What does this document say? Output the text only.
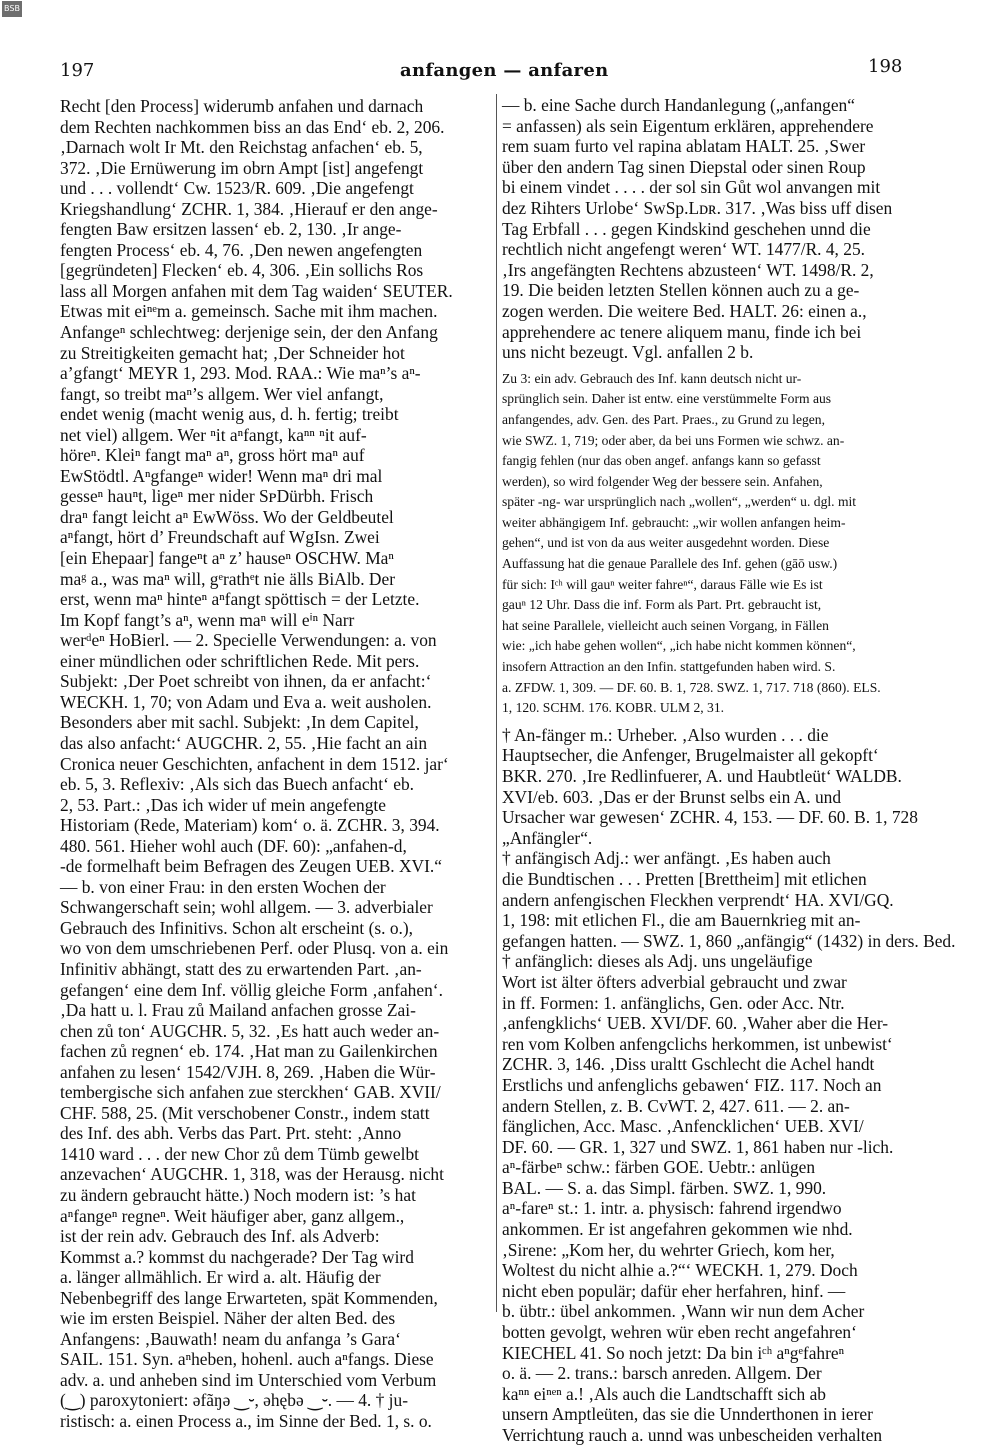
BSB
197	anfangen — anfaren	198
Recht [den Process] widerumb anfahen und darnach
dem Rechten nachkommen biss an das End‘ eb. 2, 206.
‚Darnach wolt Ir Mt. den Reichstag anfachen‘ eb. 5,
372. ‚Die Ernüwerung im obrn Ampt [ist] angefengt
und . . . vollendt‘ Cw. 1523/R. 609. ‚Die angefengt
Kriegshandlung‘ ZCHR. 1, 384. ‚Hierauf er den ange-
fengten Baw ersitzen lassen‘ eb. 2, 130. ‚Ir ange-
fengten Process‘ eb. 4, 76. ‚Den newen angefengten
[gegründeten] Flecken‘ eb. 4, 306. ‚Ein sollichs Ros
lass all Morgen anfahen mit dem Tag waiden‘ SEUTER.
Etwas mit eiⁿᵉm a. gemeinsch. Sache mit ihm machen.
Anfangeⁿ schlechtweg: derjenige sein, der den Anfang
zu Streitigkeiten gemacht hat; ‚Der Schneider hot
a’gfangt‘ MEYR 1, 293. Mod. RAA.: Wie maⁿ’s aⁿ-
fangt, so treibt maⁿ’s allgem. Wer viel anfangt,
endet wenig (macht wenig aus, d. h. fertig; treibt
net viel) allgem. Wer ⁿit aⁿfangt, kaⁿⁿ ⁿit auf-
höreⁿ. Kleiⁿ fangt maⁿ aⁿ, gross hört maⁿ auf
EwStödtl. Aⁿgfangeⁿ wider! Wenn maⁿ dri mal
gesseⁿ hauⁿt, ligeⁿ mer nider SᴘDürbh. Frisch
draⁿ fangt leicht aⁿ EwWöss. Wo der Geldbeutel
aⁿfangt, hört d’ Freundschaft auf WgIsn. Zwei
[ein Ehepaar] fangeⁿt aⁿ z’ hauseⁿ OSCHW. Maⁿ
maᵍ a., was maⁿ will, gᵉrathᵉt nie älls BiAlb. Der
erst, wenn maⁿ hinteⁿ aⁿfangt spöttisch = der Letzte.
Im Kopf fangt’s aⁿ, wenn maⁿ will eⁱⁿ Narr
werᵈeⁿ HoBierl. — 2. Specielle Verwendungen: a. von
einer mündlichen oder schriftlichen Rede. Mit pers.
Subjekt: ‚Der Poet schreibt von ihnen, da er anfacht:‘
WECKH. 1, 70; von Adam und Eva a. weit ausholen.
Besonders aber mit sachl. Subjekt: ‚In dem Capitel,
das also anfacht:‘ AUGCHR. 2, 55. ‚Hie facht an ain
Cronica neuer Geschichten, anfachent in dem 1512. jar‘
eb. 5, 3. Reflexiv: ‚Als sich das Buech anfacht‘ eb.
2, 53. Part.: ‚Das ich wider uf mein angefengte
Historiam (Rede, Materiam) kom‘ o. ä. ZCHR. 3, 394.
480. 561. Hieher wohl auch (DF. 60): „anfahen-d,
-de formelhaft beim Befragen des Zeugen UEB. XVI.“
— b. von einer Frau: in den ersten Wochen der
Schwangerschaft sein; wohl allgem. — 3. adverbialer
Gebrauch des Infinitivs. Schon alt erscheint (s. o.),
wo von dem umschriebenen Perf. oder Plusq. von a. ein
Infinitiv abhängt, statt des zu erwartenden Part. ‚an-
gefangen‘ eine dem Inf. völlig gleiche Form ‚anfahen‘.
‚Da hatt u. l. Frau zů Mailand anfachen grosse Zai-
chen zů ton‘ AUGCHR. 5, 32. ‚Es hatt auch weder an-
fachen zů regnen‘ eb. 174. ‚Hat man zu Gailenkirchen
anfahen zu lesen‘ 1542/VJH. 8, 269. ‚Haben die Wür-
tembergische sich anfahen zue sterckhen‘ GAB. XVII/
CHF. 588, 25. (Mit verschobener Constr., indem statt
des Inf. des abh. Verbs das Part. Prt. steht: ‚Anno
1410 ward . . . der new Chor zů dem Tümb gewelbt
anzevachen‘ AUGCHR. 1, 318, was der Herausg. nicht
zu ändern gebraucht hätte.) Noch modern ist: ’s hat
aⁿfangeⁿ regneⁿ. Weit häufiger aber, ganz allgem.,
ist der rein adv. Gebrauch des Inf. als Adverb:
Kommst a.? kommst du nachgerade? Der Tag wird
a. länger allmählich. Er wird a. alt. Häufig der
Nebenbegriff des lange Erwarteten, spät Kommenden,
wie im ersten Beispiel. Näher der alten Bed. des
Anfangens: ‚Bauwath! neam du anfanga ’s Gara‘
SAIL. 151. Syn. aⁿheben, hohenl. auch aⁿfangs. Diese
adv. a. und anheben sind im Unterschied vom Verbum
(‿) paroxytoniert: əfãŋə ‿⏑, əhębə ‿⏑. — 4. † ju-
ristisch: a. einen Process a., im Sinne der Bed. 1, s. o.
— b. eine Sache durch Handanlegung („anfangen“
= anfassen) als sein Eigentum erklären, apprehendere
rem suam furto vel rapina ablatam HALT. 25. ‚Swer
über den andern Tag sinen Diepstal oder sinen Roup
bi einem vindet . . . . der sol sin Gůt wol anvangen mit
dez Rihters Urlobe‘ SwSp.Lᴅʀ. 317. ‚Was biss uff disen
Tag Erbfall . . . gegen Kindskind geschehen unnd die
rechtlich nicht angefengt weren‘ WT. 1477/R. 4, 25.
‚Irs angefängten Rechtens abzusteen‘ WT. 1498/R. 2,
19. Die beiden letzten Stellen können auch zu a ge-
zogen werden. Die weitere Bed. HALT. 26: einen a.,
apprehendere ac tenere aliquem manu, finde ich bei
uns nicht bezeugt. Vgl. anfallen 2 b.
Zu 3: ein adv. Gebrauch des Inf. kann deutsch nicht ur-
sprünglich sein. Daher ist entw. eine verstümmelte Form aus
anfangendes, adv. Gen. des Part. Praes., zu Grund zu legen,
wie SWZ. 1, 719; oder aber, da bei uns Formen wie schwz. an-
fangig fehlen (nur das oben angef. anfangs kann so gefasst
werden), so wird folgender Weg der bessere sein. Anfahen,
später -ng- war ursprünglich nach „wollen“, „werden“ u. dgl. mit
weiter abhängigem Inf. gebraucht: „wir wollen anfangen heim-
gehen“, und ist von da aus weiter ausgedehnt worden. Diese
Auffassung hat die genaue Parallele des Inf. gehen (gāō usw.)
für sich: Iᶜʰ will gauⁿ weiter fahreⁿ“, daraus Fälle wie Es ist
gauⁿ 12 Uhr. Dass die inf. Form als Part. Prt. gebraucht ist,
hat seine Parallele, vielleicht auch seinen Vorgang, in Fällen
wie: „ich habe gehen wollen“, „ich habe nicht kommen können“,
insofern Attraction an den Infin. stattgefunden haben wird. S.
a. ZFDW. 1, 309. — DF. 60. B. 1, 728. SWZ. 1, 717. 718 (860). ELS.
1, 120. SCHM. 176. KOBR. ULM 2, 31.
† An-fänger m.: Urheber. ‚Also wurden . . . die
Hauptsecher, die Anfenger, Brugelmaister all gekopft‘
BKR. 270. ‚Ire Redlinfuerer, A. und Haubtleüt‘ WALDB.
XVI/eb. 603. ‚Das er der Brunst selbs ein A. und
Ursacher war gewesen‘ ZCHR. 4, 153. — DF. 60. B. 1, 728
„Anfängler“.
† anfängisch Adj.: wer anfängt. ‚Es haben auch
die Bundtischen . . . Pretten [Brettheim] mit etlichen
andern anfengischen Fleckhen verprendt‘ HA. XVI/GQ.
1, 198: mit etlichen Fl., die am Bauernkrieg mit an-
gefangen hatten. — SWZ. 1, 860 „anfängig“ (1432) in ders. Bed.
† anfänglich: dieses als Adj. uns ungeläufige
Wort ist älter öfters adverbial gebraucht und zwar
in ff. Formen: 1. anfänglichs, Gen. oder Acc. Ntr.
‚anfengklichs‘ UEB. XVI/DF. 60. ‚Waher aber die Her-
ren vom Kolben anfengclichs herkommen, ist unbewist‘
ZCHR. 3, 146. ‚Diss uraltt Gschlecht die Achel handt
Erstlichs und anfenglichs gebawen‘ FIZ. 117. Noch an
andern Stellen, z. B. CvWT. 2, 427. 611. — 2. an-
fänglichen, Acc. Masc. ‚Anfencklichen‘ UEB. XVI/
DF. 60. — GR. 1, 327 und SWZ. 1, 861 haben nur -lich.
aⁿ-färbeⁿ schw.: färben GOE. Uebtr.: anlügen
BAL. — S. a. das Simpl. färben. SWZ. 1, 990.
aⁿ-fareⁿ st.: 1. intr. a. physisch: fahrend irgendwo
ankommen. Er ist angefahren gekommen wie nhd.
‚Sirene: „Kom her, du wehrter Griech, kom her,
Woltest du nicht alhie a.?“‘ WECKH. 1, 279. Doch
nicht eben populär; dafür eher herfahren, hinf. —
b. übtr.: übel ankommen. ‚Wann wir nun dem Acher
botten gevolgt, wehren wür eben recht angefahren‘
KIECHEL 41. So noch jetzt: Da bin iᶜʰ aⁿgᵉfahreⁿ
o. ä. — 2. trans.: barsch anreden. Allgem. Der
kaⁿⁿ eiⁿᵉⁿ a.! ‚Als auch die Landtschafft sich ab
unsern Amptleüten, das sie die Unnderthonen in ierer
Verrichtung rauch a. unnd was unbescheiden verhalten
